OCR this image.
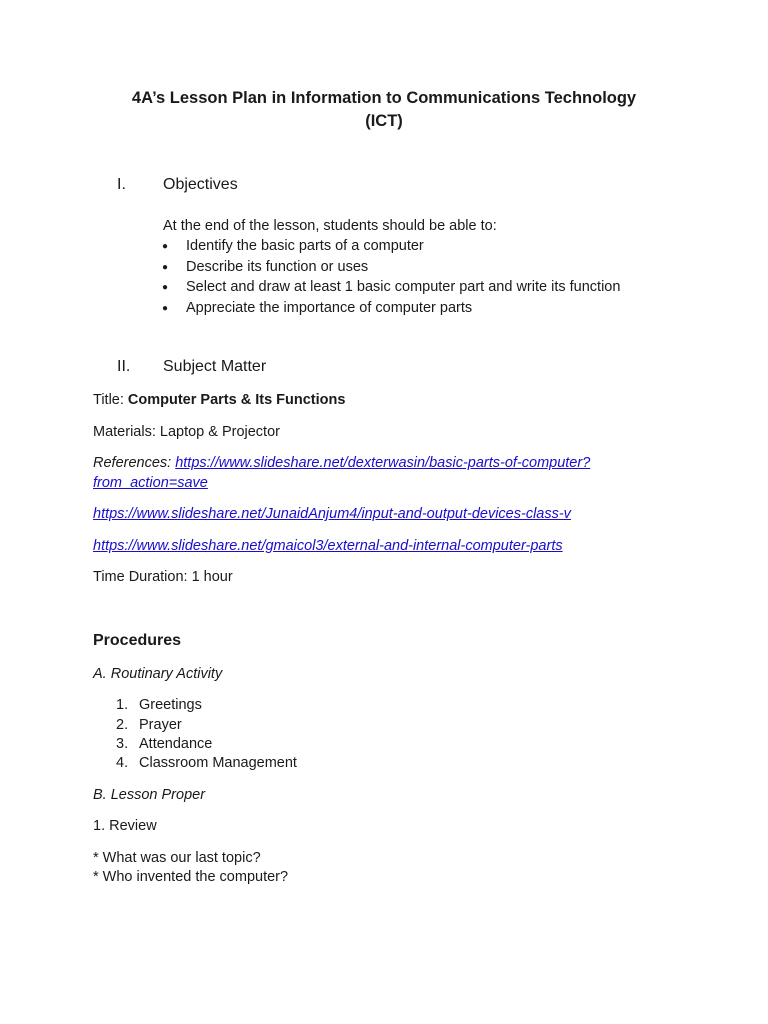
4A’s Lesson Plan in Information to Communications Technology
(ICT)
I. Objectives
At the end of the lesson, students should be able to:
● Identify the basic parts of a computer
● Describe its function or uses
● Select and draw at least 1 basic computer part and write its function
● Appreciate the importance of computer parts
II. Subject Matter
Title: Computer Parts & Its Functions
Materials: Laptop & Projector
References: https://www.slideshare.net/dexterwasin/basic-parts-of-computer?
from_action=save
https://www.slideshare.net/JunaidAnjum4/input-and-output-devices-class-v
https://www.slideshare.net/gmaicol3/external-and-internal-computer-parts
Time Duration: 1 hour
Procedures
A. Routinary Activity
1. Greetings
2. Prayer
3. Attendance
4. Classroom Management
B. Lesson Proper
1. Review
* What was our last topic?
* Who invented the computer?
